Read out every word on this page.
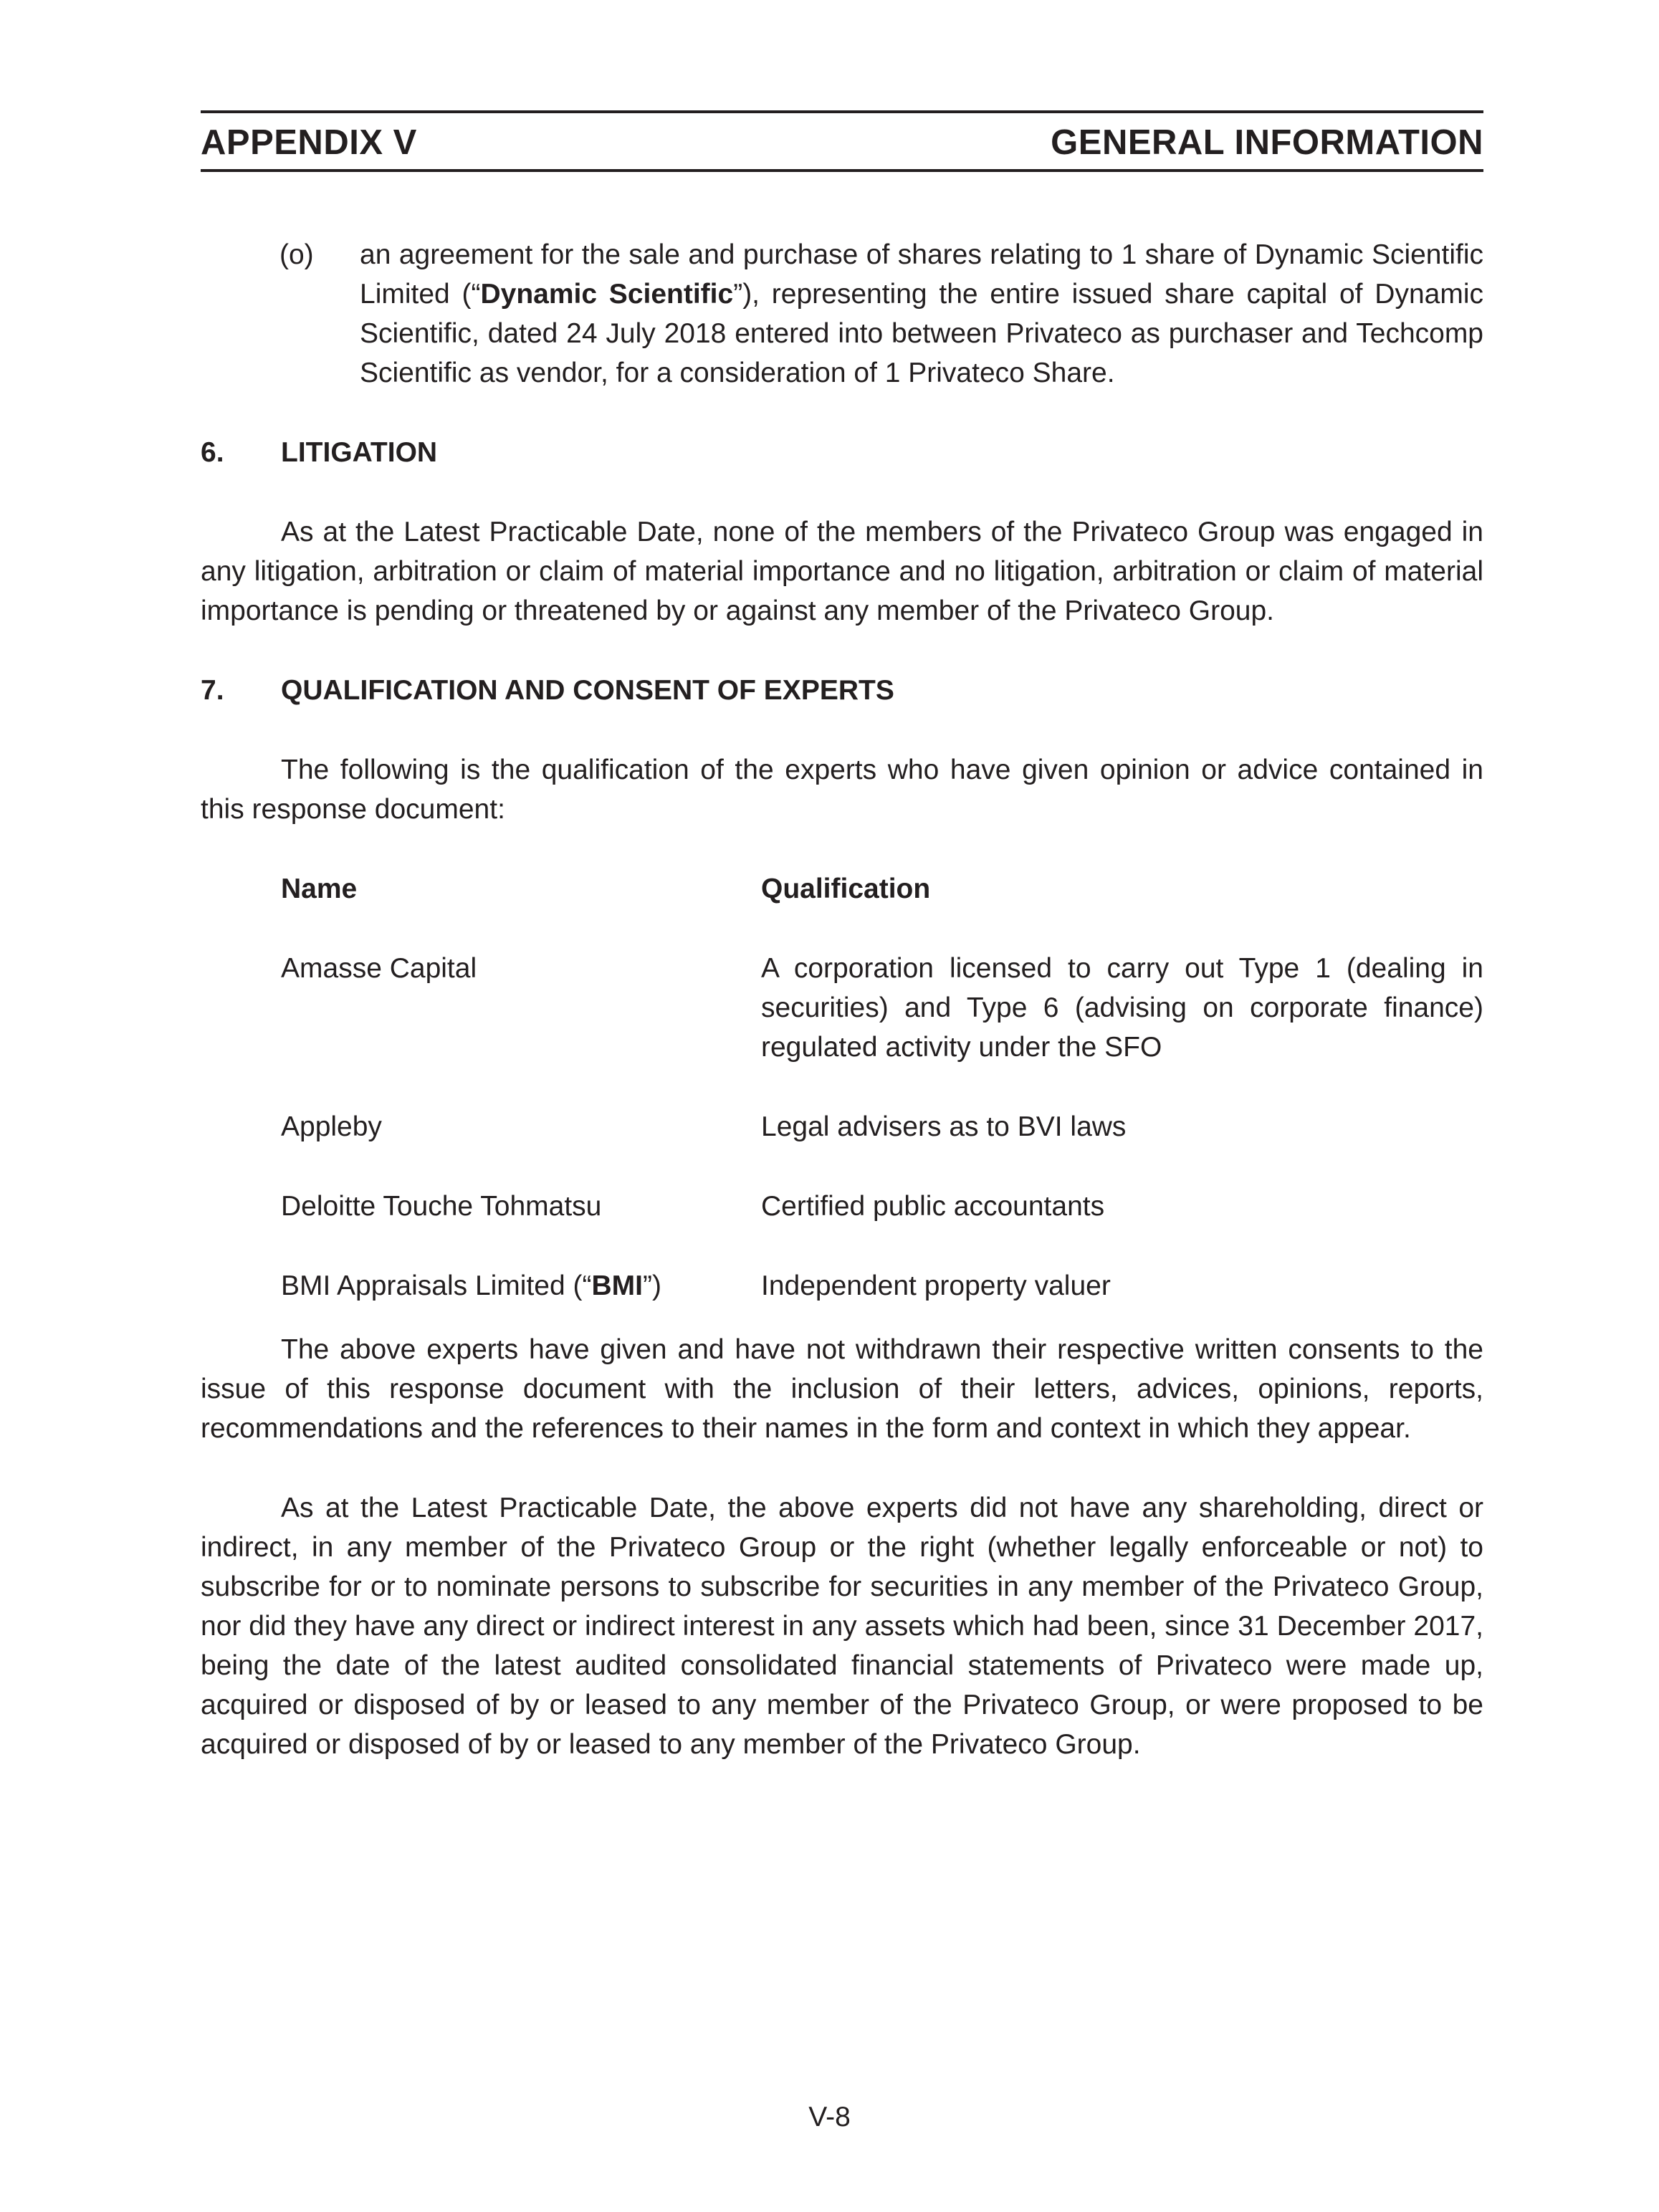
APPENDIX V	GENERAL INFORMATION
(o) an agreement for the sale and purchase of shares relating to 1 share of Dynamic Scientific Limited (“Dynamic Scientific”), representing the entire issued share capital of Dynamic Scientific, dated 24 July 2018 entered into between Privateco as purchaser and Techcomp Scientific as vendor, for a consideration of 1 Privateco Share.
6. LITIGATION

As at the Latest Practicable Date, none of the members of the Privateco Group was engaged in any litigation, arbitration or claim of material importance and no litigation, arbitration or claim of material importance is pending or threatened by or against any member of the Privateco Group.

7. QUALIFICATION AND CONSENT OF EXPERTS

The following is the qualification of the experts who have given opinion or advice contained in this response document:

Name	Qualification
Amasse Capital	A corporation licensed to carry out Type 1 (dealing in securities) and Type 6 (advising on corporate finance) regulated activity under the SFO
Appleby	Legal advisers as to BVI laws
Deloitte Touche Tohmatsu	Certified public accountants
BMI Appraisals Limited (“BMI”)	Independent property valuer

The above experts have given and have not withdrawn their respective written consents to the issue of this response document with the inclusion of their letters, advices, opinions, reports, recommendations and the references to their names in the form and context in which they appear.

As at the Latest Practicable Date, the above experts did not have any shareholding, direct or indirect, in any member of the Privateco Group or the right (whether legally enforceable or not) to subscribe for or to nominate persons to subscribe for securities in any member of the Privateco Group, nor did they have any direct or indirect interest in any assets which had been, since 31 December 2017, being the date of the latest audited consolidated financial statements of Privateco were made up, acquired or disposed of by or leased to any member of the Privateco Group, or were proposed to be acquired or disposed of by or leased to any member of the Privateco Group.

V-8
